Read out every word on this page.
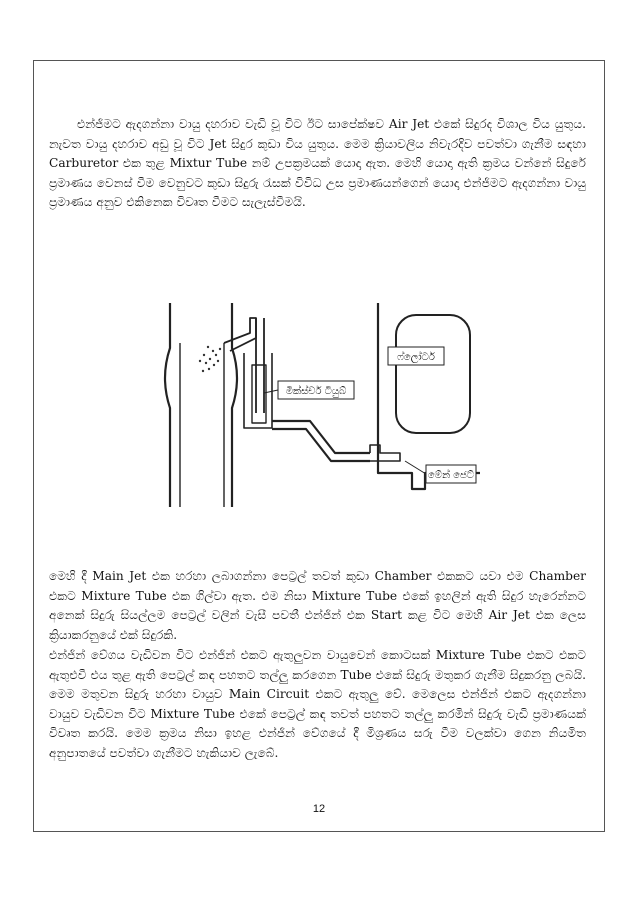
එන්ජිමට ඇදගන්නා වායු දහරාව වැඩි වූ විට ඊට සාපේක්ෂව Air Jet එකේ සිදුරද විශාල විය යුතුය. නැවත වායු දහරාව අඩු වූ විට Jet සිදුර කුඩා විය යුතුය. මෙම ක්‍රියාවලිය නිවැරදිව පවත්වා ගැනීම සඳහා Carburetor එක තුළ Mixtur Tube නම් උපක්‍රමයක් යොදා ඇත. මෙහි යොදා ඇති ක්‍රමය වන්නේ සිදුරේ ප්‍රමාණය වෙනස් වීම වෙනුවට කුඩා සිදුරු රැසක් විවිධ උස ප්‍රමාණයන්ගෙන් යොදා එන්ජිමට ඇදගන්නා වායු ප්‍රමාණය අනුව එකිනෙක විවෘත වීමට සැලැස්වීමයි.

ෆ්ලෝටර්
මික්ස්චර් ටියුබ්
මේන් ජෙට්

මෙහි දී Main Jet එක හරහා ලබාගන්නා පෙට්‍රල් තවත් කුඩා Chamber එකකට යවා එම Chamber එකට Mixture Tube එක ගිල්වා ඇත. එම නිසා Mixture Tube එකේ ඉහලින් ඇති සිදුර හැරෙන්නට අනෙක් සිදුරු සියල්ලම පෙට්‍රල් වලින් වැසී පවතී එන්ජින් එක Start කළ විට මෙහි Air Jet එක ලෙස ක්‍රියාකරනුයේ එක් සිදුරකි.

එන්ජින් වේගය වැඩිවන විට එන්ජින් එකට ඇතුලුවන වායුවෙන් කොටසක් Mixture Tube එකට එකට ඇතුළුවී එය තුළ ඇති පෙට්‍රල් කඳ පහතට තල්ලු කරගෙන Tube එකේ සිදුරු මතුකර ගැනීම සිදුකරනු ලබයි. මෙම මතුවන සිදුරු හරහා වායුව Main Circuit එකට ඇතුලු වේ. මෙලෙස එන්ජින් එකට ඇදගන්නා වායුව වැඩිවන විට Mixture Tube එකේ පෙට්‍රල් කඳ තවත් පහතට තල්ලු කරමින් සිදුරු වැඩි ප්‍රමාණයක් විවෘත කරයි. මෙම ක්‍රමය නිසා ඉහළ එන්ජින් වේගයේ දී මිශ්‍රණය සරු වීම වලක්වා ගෙන නියමිත අනුපාතයේ පවත්වා ගැනීමට හැකියාව ලැබේ.

12
